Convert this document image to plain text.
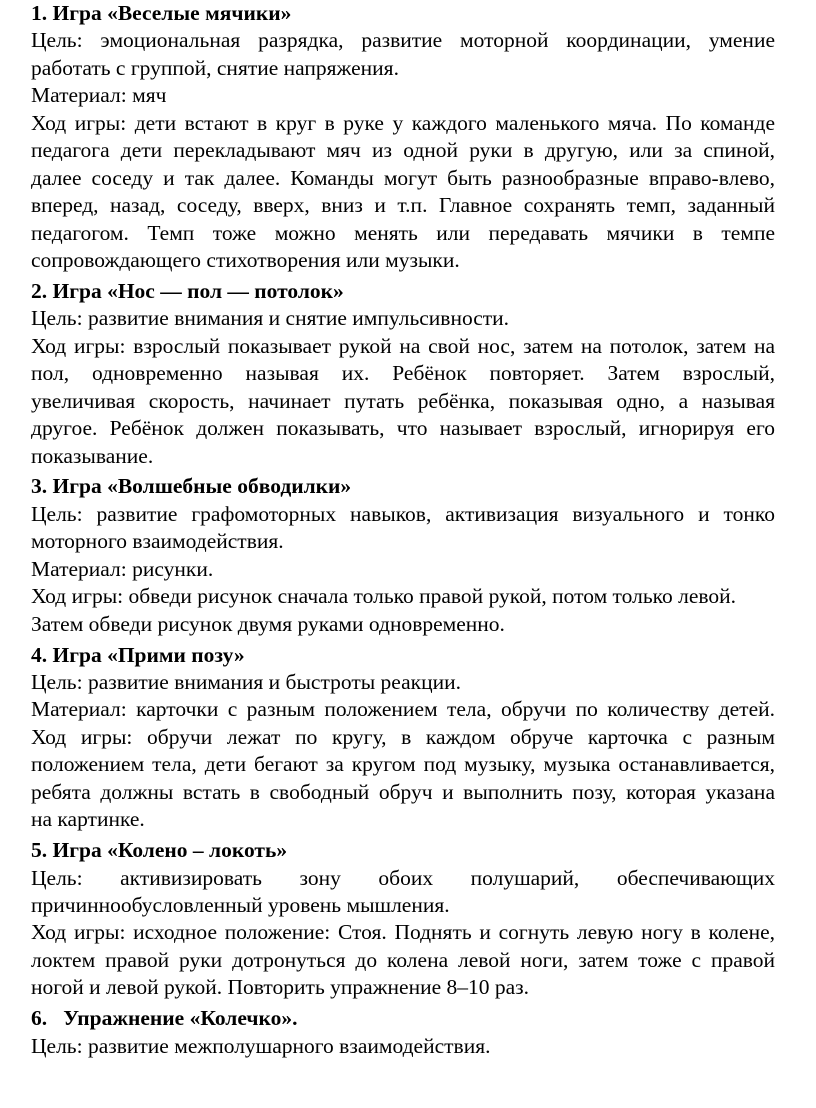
1. Игра «Веселые мячики»
Цель: эмоциональная разрядка, развитие моторной координации, умение
работать с группой, снятие напряжения.
Материал: мяч
Ход игры: дети встают в круг в руке у каждого маленького мяча. По команде
педагога дети перекладывают мяч из одной руки в другую, или за спиной,
далее соседу и так далее. Команды могут быть разнообразные вправо-влево,
вперед, назад, соседу, вверх, вниз и т.п. Главное сохранять темп, заданный
педагогом. Темп тоже можно менять или передавать мячики в темпе
сопровождающего стихотворения или музыки.
2. Игра «Нос — пол — потолок»
Цель: развитие внимания и снятие импульсивности.
Ход игры: взрослый показывает рукой на свой нос, затем на потолок, затем на
пол, одновременно называя их. Ребёнок повторяет. Затем взрослый,
увеличивая скорость, начинает путать ребёнка, показывая одно, а называя
другое. Ребёнок должен показывать, что называет взрослый, игнорируя его
показывание.
3. Игра «Волшебные обводилки»
Цель: развитие графомоторных навыков, активизация визуального и тонко
моторного взаимодействия.
Материал: рисунки.
Ход игры: обведи рисунок сначала только правой рукой, потом только левой.
Затем обведи рисунок двумя руками одновременно.
4. Игра «Прими позу»
Цель: развитие внимания и быстроты реакции.
Материал: карточки с разным положением тела, обручи по количеству детей.
Ход игры: обручи лежат по кругу, в каждом обруче карточка с разным
положением тела, дети бегают за кругом под музыку, музыка останавливается,
ребята должны встать в свободный обруч и выполнить позу, которая указана
на картинке.
5. Игра «Колено – локоть»
Цель: активизировать зону обоих полушарий, обеспечивающих
причиннообусловленный уровень мышления.
Ход игры: исходное положение: Стоя. Поднять и согнуть левую ногу в колене,
локтем правой руки дотронуться до колена левой ноги, затем тоже с правой
ногой и левой рукой. Повторить упражнение 8–10 раз.
6.   Упражнение «Колечко».
Цель: развитие межполушарного взаимодействия.
